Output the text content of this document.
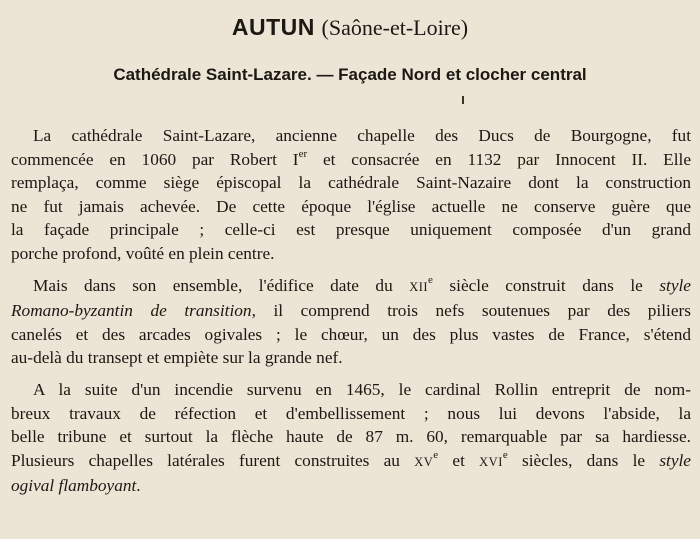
AUTUN (Saône-et-Loire)
Cathédrale Saint-Lazare. — Façade Nord et clocher central
La cathédrale Saint-Lazare, ancienne chapelle des Ducs de Bourgogne, fut
commencée en 1060 par Robert Ier et consacrée en 1132 par Innocent II. Elle
remplaça, comme siège épiscopal la cathédrale Saint-Nazaire dont la construction
ne fut jamais achevée. De cette époque l'église actuelle ne conserve guère que
la façade principale ; celle-ci est presque uniquement composée d'un grand
porche profond, voûté en plein centre.
Mais dans son ensemble, l'édifice date du XIIe siècle construit dans le style
Romano-byzantin de transition, il comprend trois nefs soutenues par des piliers
canelés et des arcades ogivales ; le chœur, un des plus vastes de France, s'étend
au-delà du transept et empiète sur la grande nef.
A la suite d'un incendie survenu en 1465, le cardinal Rollin entreprit de nom-
breux travaux de réfection et d'embellissement ; nous lui devons l'abside, la
belle tribune et surtout la flèche haute de 87 m. 60, remarquable par sa hardiesse.
Plusieurs chapelles latérales furent construites au XVe et XVIe siècles, dans le style
ogival flamboyant.
